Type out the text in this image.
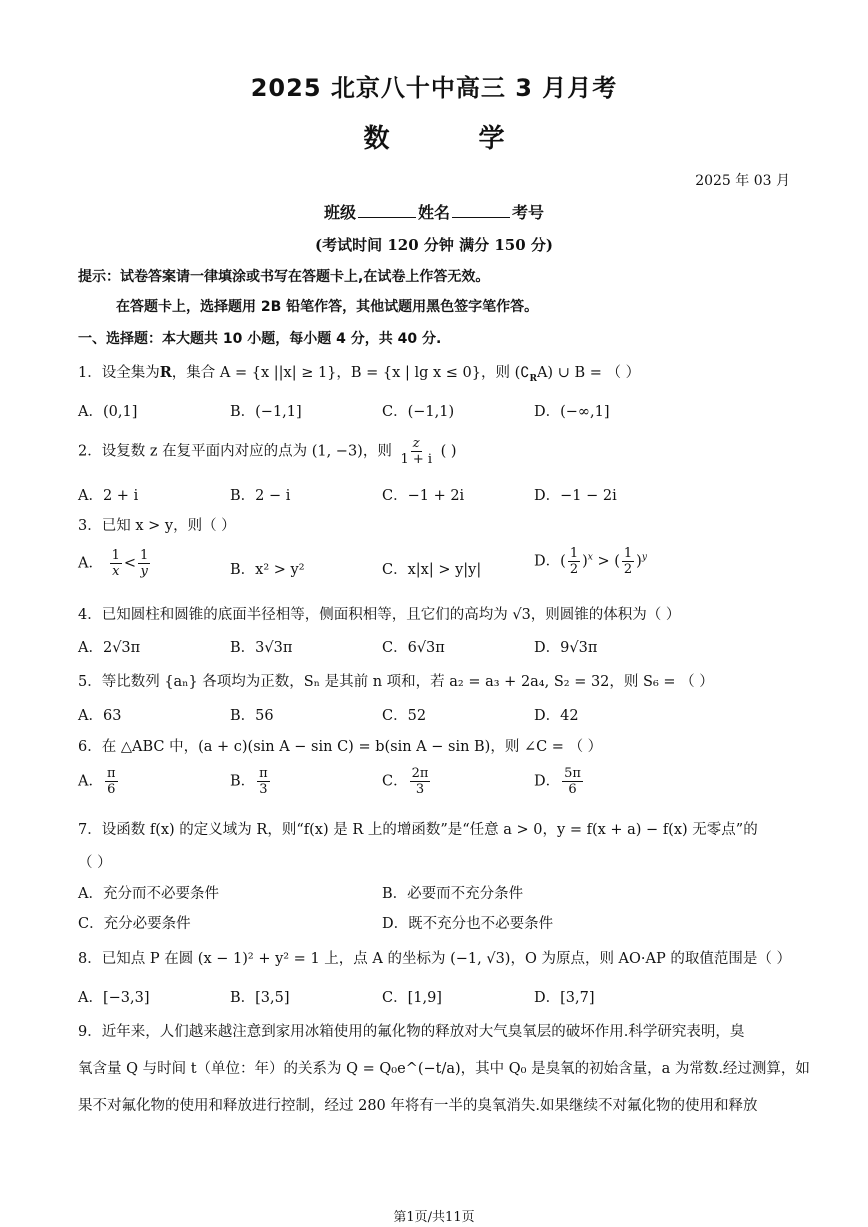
2025 北京八十中高三 3 月月考
数 学
2025 年 03 月
班级	姓名	考号
(考试时间 120 分钟 满分 150 分)
提示：试卷答案请一律填涂或书写在答题卡上,在试卷上作答无效。
在答题卡上，选择题用 2B 铅笔作答，其他试题用黑色签字笔作答。
一、选择题：本大题共 10 小题，每小题 4 分，共 40 分.
1．设全集为R，集合 A = {x ||x| ≥ 1}，B = {x | lg x ≤ 0}，则 $(∁_RA)$ ∪ B = （ ）
A．(0,1]	B．(−1,1]	C．(−1,1)	D．(−∞,1]
2．设复数 z 在复平面内对应的点为 (1, −3)，则 $\frac{z}{1 + i}$ ( )
A．2 + i	B．2 − i	C．−1 + 2i	D．−1 − 2i
3．已知 x > y，则（ ）
A． $\frac{1}{x} < \frac{1}{y}$	B．x² > y²	C．x|x| > y|y|
D．( $\frac{1}{2} )^x$ > ( $\frac{1}{2} )^y$
4．已知圆柱和圆锥的底面半径相等，侧面积相等，且它们的高均为 √3，则圆锥的体积为（ ）
A．2√3π	B．3√3π	C．6√3π	D．9√3π
5．等比数列 {aₙ} 各项均为正数，Sₙ 是其前 n 项和，若 a₂ = a₃ + 2a₄, S₂ = 32，则 S₆ = （ ）
A．63	B．56	C．52	D．42
6．在 △ABC 中，(a + c)(sin A − sin C) = b(sin A − sin B)，则 ∠C = （ ）
A． $\frac{\pi}{6}$	B． $\frac{\pi}{3}$	C． $\frac{2\pi}{3}$	D． $\frac{5\pi}{6}$
7．设函数 f(x) 的定义域为 R，则“f(x) 是 R 上的增函数”是“任意 a > 0，y = f(x + a) − f(x) 无零点”的
（ ）
A．充分而不必要条件	B．必要而不充分条件
C．充分必要条件	D．既不充分也不必要条件
8．已知点 P 在圆 (x − 1)² + y² = 1 上，点 A 的坐标为 (−1, √3)，O 为原点，则 AO·AP 的取值范围是（ ）
A．[−3,3]	B．[3,5]	C．[1,9]	D．[3,7]
9．近年来，人们越来越注意到家用冰箱使用的氟化物的释放对大气臭氧层的破坏作用.科学研究表明，臭
氧含量 Q 与时间 t（单位：年）的关系为 Q = Q₀e^(−t/a)，其中 Q₀ 是臭氧的初始含量，a 为常数.经过测算，如
果不对氟化物的使用和释放进行控制，经过 280 年将有一半的臭氧消失.如果继续不对氟化物的使用和释放
第1页/共11页
